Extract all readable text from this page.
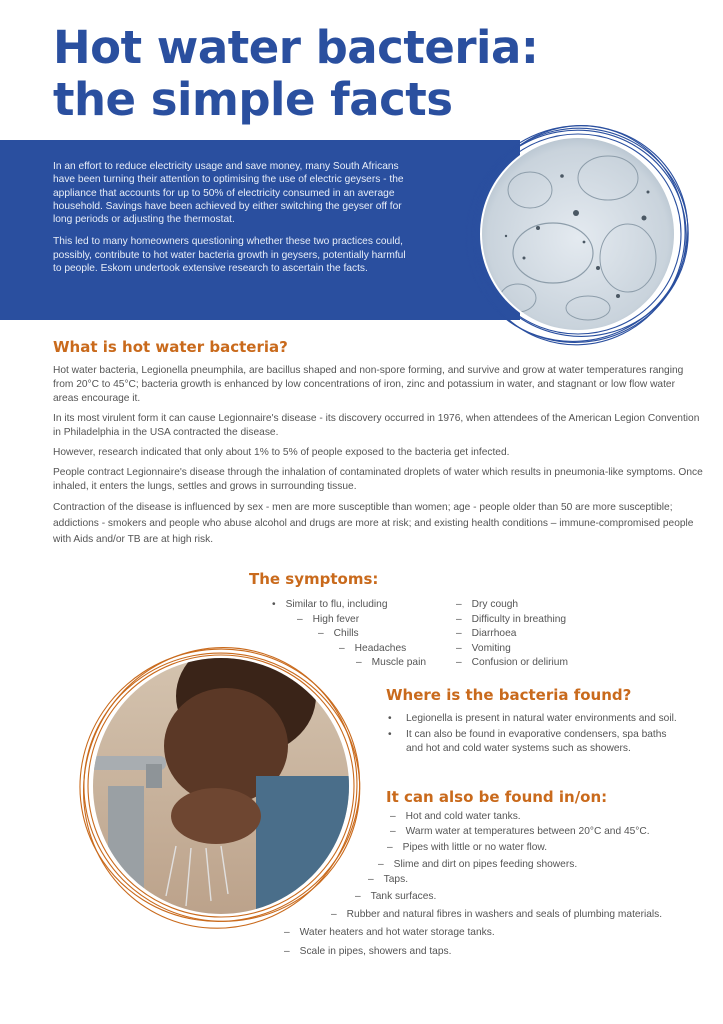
Hot water bacteria:
the simple facts

In an effort to reduce electricity usage and save money, many South Africans have been turning their attention to optimising the use of electric geysers - the appliance that accounts for up to 50% of electricity consumed in an average household. Savings have been achieved by either switching the geyser off for long periods or adjusting the thermostat.

This led to many homeowners questioning whether these two practices could, possibly, contribute to hot water bacteria growth in geysers, potentially harmful to people. Eskom undertook extensive research to ascertain the facts.

What is hot water bacteria?

Hot water bacteria, Legionella pneumphila, are bacillus shaped and non-spore forming, and survive and grow at water temperatures ranging from 20°C to 45°C; bacteria growth is enhanced by low concentrations of iron, zinc and potassium in water, and stagnant or low flow water areas encourage it.

In its most virulent form it can cause Legionnaire's disease - its discovery occurred in 1976, when attendees of the American Legion Convention in Philadelphia in the USA contracted the disease.

However, research indicated that only about 1% to 5% of people exposed to the bacteria get infected.

People contract Legionnaire's disease through the inhalation of contaminated droplets of water which results in pneumonia-like symptoms. Once inhaled, it enters the lungs, settles and grows in surrounding tissue.

Contraction of the disease is influenced by sex - men are more susceptible than women; age - people older than 50 are more susceptible; addictions - smokers and people who abuse alcohol and drugs are more at risk; and existing health conditions – immune-compromised people with Aids and/or TB are at high risk.

The symptoms:
• Similar to flu, including
– High fever
– Chills
– Headaches
– Muscle pain
– Dry cough
– Difficulty in breathing
– Diarrhoea
– Vomiting
– Confusion or delirium
Where is the bacteria found?
• Legionella is present in natural water environments and soil.
• It can also be found in evaporative condensers, spa baths and hot and cold water systems such as showers.
It can also be found in/on:
– Hot and cold water tanks.
– Warm water at temperatures between 20°C and 45°C.
– Pipes with little or no water flow.
– Slime and dirt on pipes feeding showers.
– Taps.
– Tank surfaces.
– Rubber and natural fibres in washers and seals of plumbing materials.
– Water heaters and hot water storage tanks.
– Scale in pipes, showers and taps.
